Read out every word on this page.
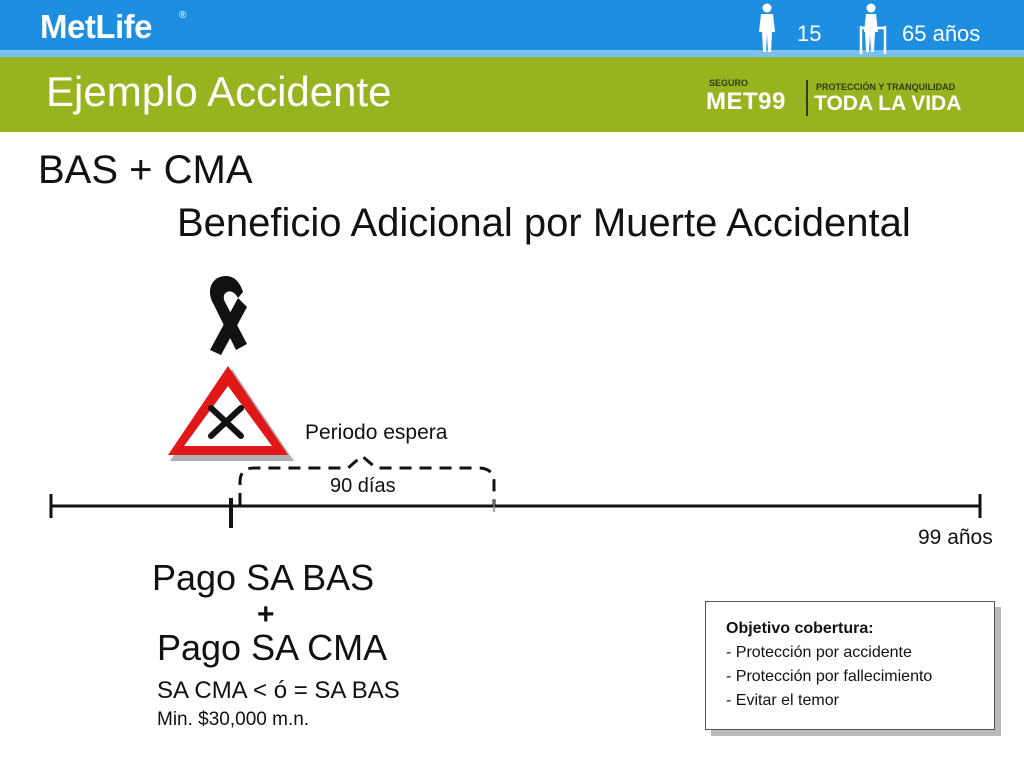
MetLife	®
15	65 años
Ejemplo Accidente	SEGURO
MET99
PROTECCIÓN Y TRANQUILIDAD
TODA LA VIDA
BAS + CMA
Beneficio Adicional por Muerte Accidental
Periodo espera
90 días
99 años
Pago SA BAS
+
Pago SA CMA
SA CMA < ó = SA BAS
Min. $30,000 m.n.
Objetivo cobertura:
- Protección por accidente
- Protección por fallecimiento
- Evitar el temor
